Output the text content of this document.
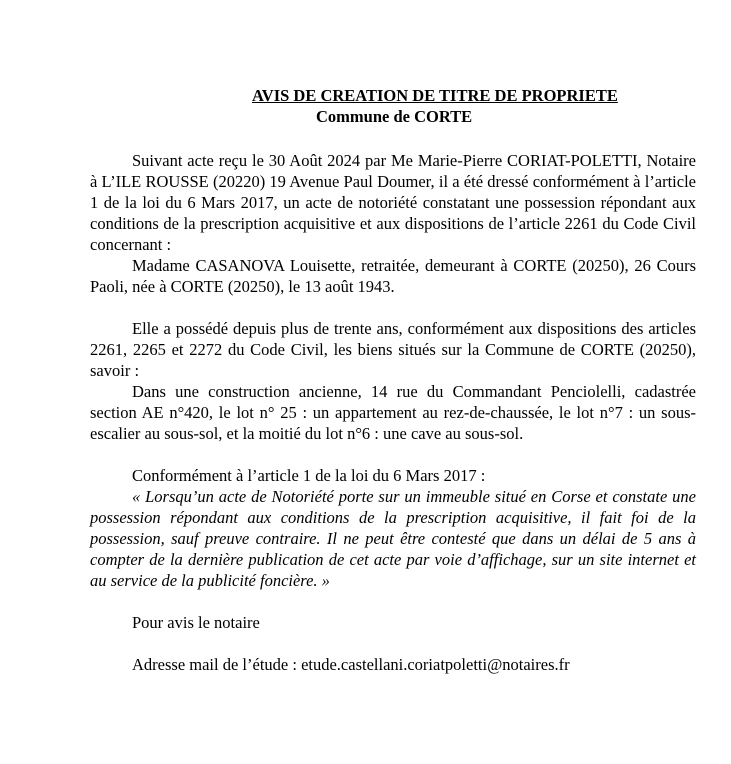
AVIS DE CREATION DE TITRE DE PROPRIETE
Commune de CORTE

Suivant acte reçu le 30 Août 2024 par Me Marie-Pierre CORIAT-POLETTI, Notaire à L’ILE ROUSSE (20220) 19 Avenue Paul Doumer, il a été dressé conformément à l’article 1 de la loi du 6 Mars 2017, un acte de notoriété constatant une possession répondant aux conditions de la prescription acquisitive et aux dispositions de l’article 2261 du Code Civil concernant :

Madame CASANOVA Louisette, retraitée, demeurant à CORTE (20250), 26 Cours Paoli, née à CORTE (20250), le 13 août 1943.

Elle a possédé depuis plus de trente ans, conformément aux dispositions des articles 2261, 2265 et 2272 du Code Civil, les biens situés sur la Commune de CORTE (20250), savoir :

Dans une construction ancienne, 14 rue du Commandant Penciolelli, cadastrée section AE n°420, le lot n° 25 : un appartement au rez-de-chaussée, le lot n°7 : un sous-escalier au sous-sol, et la moitié du lot n°6 : une cave au sous-sol.

Conformément à l’article 1 de la loi du 6 Mars 2017 :

« Lorsqu’un acte de Notoriété porte sur un immeuble situé en Corse et constate une possession répondant aux conditions de la prescription acquisitive, il fait foi de la possession, sauf preuve contraire. Il ne peut être contesté que dans un délai de 5 ans à compter de la dernière publication de cet acte par voie d’affichage, sur un site internet et au service de la publicité foncière. »

Pour avis le notaire

Adresse mail de l’étude : etude.castellani.coriatpoletti@notaires.fr
